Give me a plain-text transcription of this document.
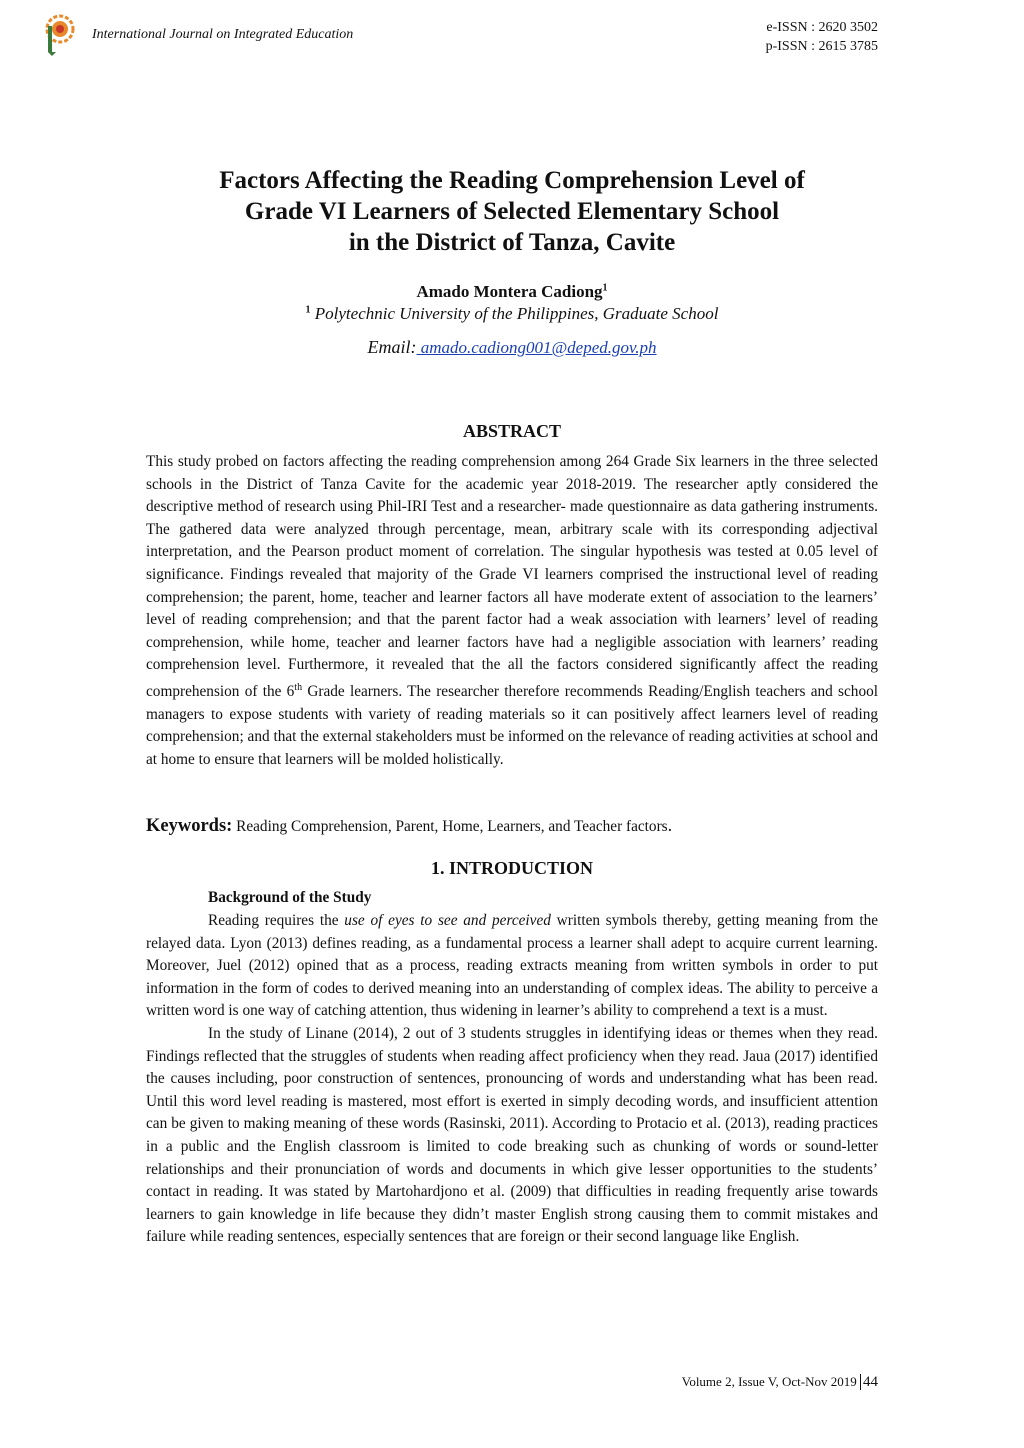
International Journal on Integrated Education	e-ISSN : 2620 3502
p-ISSN : 2615 3785
Factors Affecting the Reading Comprehension Level of
Grade VI Learners of Selected Elementary School
in the District of Tanza, Cavite
Amado Montera Cadiong$^1$
$^1$ Polytechnic University of the Philippines, Graduate School
Email: amado.cadiong001@deped.gov.ph
ABSTRACT

This study probed on factors affecting the reading comprehension among 264 Grade Six learners in the three selected schools in the District of Tanza Cavite for the academic year 2018-2019. The researcher aptly considered the descriptive method of research using Phil-IRI Test and a researcher- made questionnaire as data gathering instruments. The gathered data were analyzed through percentage, mean, arbitrary scale with its corresponding adjectival interpretation, and the Pearson product moment of correlation. The singular hypothesis was tested at 0.05 level of significance. Findings revealed that majority of the Grade VI learners comprised the instructional level of reading comprehension; the parent, home, teacher and learner factors all have moderate extent of association to the learners’ level of reading comprehension; and that the parent factor had a weak association with learners’ level of reading comprehension, while home, teacher and learner factors have had a negligible association with learners’ reading comprehension level. Furthermore, it revealed that the all the factors considered significantly affect the reading comprehension of the 6th Grade learners. The researcher therefore recommends Reading/English teachers and school managers to expose students with variety of reading materials so it can positively affect learners level of reading comprehension; and that the external stakeholders must be informed on the relevance of reading activities at school and at home to ensure that learners will be molded holistically.

Keywords: Reading Comprehension, Parent, Home, Learners, and Teacher factors.
1. INTRODUCTION
Background of the Study

Reading requires the use of eyes to see and perceived written symbols thereby, getting meaning from the relayed data. Lyon (2013) defines reading, as a fundamental process a learner shall adept to acquire current learning. Moreover, Juel (2012) opined that as a process, reading extracts meaning from written symbols in order to put information in the form of codes to derived meaning into an understanding of complex ideas. The ability to perceive a written word is one way of catching attention, thus widening in learner’s ability to comprehend a text is a must.

In the study of Linane (2014), 2 out of 3 students struggles in identifying ideas or themes when they read. Findings reflected that the struggles of students when reading affect proficiency when they read. Jaua (2017) identified the causes including, poor construction of sentences, pronouncing of words and understanding what has been read. Until this word level reading is mastered, most effort is exerted in simply decoding words, and insufficient attention can be given to making meaning of these words (Rasinski, 2011). According to Protacio et al. (2013), reading practices in a public and the English classroom is limited to code breaking such as chunking of words or sound-letter relationships and their pronunciation of words and documents in which give lesser opportunities to the students’ contact in reading. It was stated by Martohardjono et al. (2009) that difficulties in reading frequently arise towards learners to gain knowledge in life because they didn’t master English strong causing them to commit mistakes and failure while reading sentences, especially sentences that are foreign or their second language like English.

Volume 2, Issue V, Oct-Nov 2019 44
